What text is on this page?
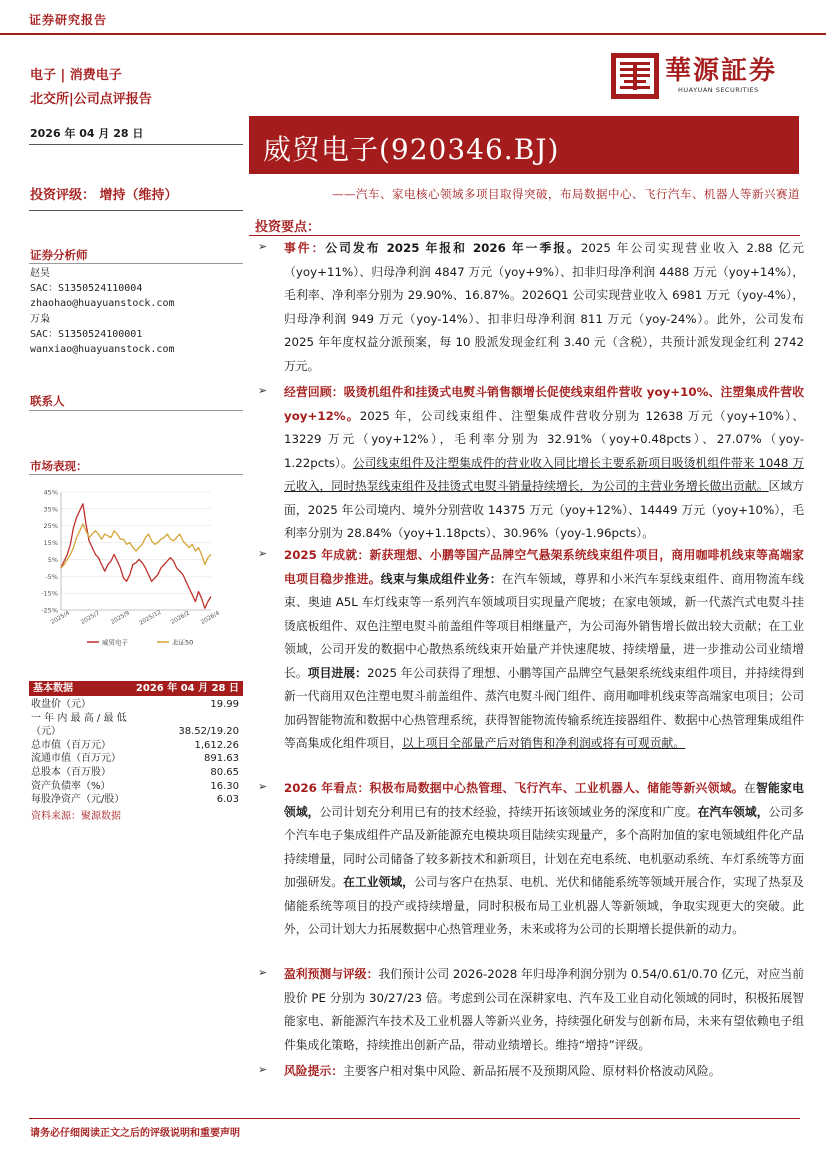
证券研究报告
电子 | 消费电子
北交所|公司点评报告
華源証券
HUAYUAN SECURITIES
2026 年 04 月 28 日
投资评级： 增持（维持）
威贸电子(920346.BJ)
——汽车、家电核心领域多项目取得突破，布局数据中心、飞行汽车、机器人等新兴赛道
投资要点：
证券分析师
赵昊
SAC：S1350524110004
zhaohao@huayuanstock.com
万枭
SAC：S1350524100001
wanxiao@huayuanstock.com
联系人
市场表现：
45%
35%
25%
15%
5%
-5%
-15%
-25%
2025/4 2025/7 2025/9 2025/12 2026/2 2026/4
威贸电子	北证50
基本数据	2026 年 04 月 28 日
收盘价（元）	19.99
一 年 内 最 高 / 最 低
（元）	38.52/19.20
总市值（百万元）	1,612.26
流通市值（百万元）	891.63
总股本（百万股）	80.65
资产负债率（%）	16.30
每股净资产（元/股）	6.03
资料来源：聚源数据
➢ 事件：公司发布 2025 年报和 2026 年一季报。2025 年公司实现营业收入 2.88 亿元（yoy+11%）、归母净利润 4847 万元（yoy+9%）、扣非归母净利润 4488 万元（yoy+14%），毛利率、净利率分别为 29.90%、16.87%。2026Q1 公司实现营业收入 6981 万元（yoy-4%），归母净利润 949 万元（yoy-14%）、扣非归母净利润 811 万元（yoy-24%）。此外，公司发布 2025 年年度权益分派预案，每 10 股派发现金红利 3.40 元（含税），共预计派发现金红利 2742 万元。
➢ 经营回顾：吸烫机组件和挂烫式电熨斗销售额增长促使线束组件营收 yoy+10%、注塑集成件营收 yoy+12%。2025 年，公司线束组件、注塑集成件营收分别为 12638 万元（yoy+10%）、13229 万元（yoy+12%），毛利率分别为 32.91%（yoy+0.48pcts）、27.07%（yoy-1.22pcts）。公司线束组件及注塑集成件的营业收入同比增长主要系新项目吸烫机组件带来 1048 万元收入，同时热泵线束组件及挂烫式电熨斗销量持续增长，为公司的主营业务增长做出贡献。区域方面，2025 年公司境内、境外分别营收 14375 万元（yoy+12%）、14449 万元（yoy+10%），毛利率分别为 28.84%（yoy+1.18pcts）、30.96%（yoy-1.96pcts）。
➢ 2025 年成就：新获理想、小鹏等国产品牌空气悬架系统线束组件项目，商用咖啡机线束等高端家电项目稳步推进。线束与集成组件业务：在汽车领域，尊界和小米汽车泵线束组件、商用物流车线束、奥迪 A5L 车灯线束等一系列汽车领域项目实现量产爬坡；在家电领域，新一代蒸汽式电熨斗挂烫底板组件、双色注塑电熨斗前盖组件等项目相继量产，为公司海外销售增长做出较大贡献；在工业领域，公司开发的数据中心散热系统线束开始量产并快速爬坡、持续增量，进一步推动公司业绩增长。项目进展：2025 年公司获得了理想、小鹏等国产品牌空气悬架系统线束组件项目，并持续得到新一代商用双色注塑电熨斗前盖组件、蒸汽电熨斗阀门组件、商用咖啡机线束等高端家电项目；公司加码智能物流和数据中心热管理系统，获得智能物流传输系统连接器组件、数据中心热管理集成组件等高集成化组件项目，以上项目全部量产后对销售和净利润或将有可观贡献。
➢ 2026 年看点：积极布局数据中心热管理、飞行汽车、工业机器人、储能等新兴领域。在智能家电领域，公司计划充分利用已有的技术经验，持续开拓该领域业务的深度和广度。在汽车领域，公司多个汽车电子集成组件产品及新能源充电模块项目陆续实现量产，多个高附加值的家电领域组件化产品持续增量，同时公司储备了较多新技术和新项目，计划在充电系统、电机驱动系统、车灯系统等方面加强研发。在工业领域，公司与客户在热泵、电机、光伏和储能系统等领域开展合作，实现了热泵及储能系统等项目的投产或持续增量，同时积极布局工业机器人等新领域，争取实现更大的突破。此外，公司计划大力拓展数据中心热管理业务，未来或将为公司的长期增长提供新的动力。
➢ 盈利预测与评级：我们预计公司 2026-2028 年归母净利润分别为 0.54/0.61/0.70 亿元，对应当前股价 PE 分别为 30/27/23 倍。考虑到公司在深耕家电、汽车及工业自动化领域的同时，积极拓展智能家电、新能源汽车技术及工业机器人等新兴业务，持续强化研发与创新布局，未来有望依赖电子组件集成化策略，持续推出创新产品，带动业绩增长。维持“增持”评级。
➢ 风险提示：主要客户相对集中风险、新品拓展不及预期风险、原材料价格波动风险。
请务必仔细阅读正文之后的评级说明和重要声明
